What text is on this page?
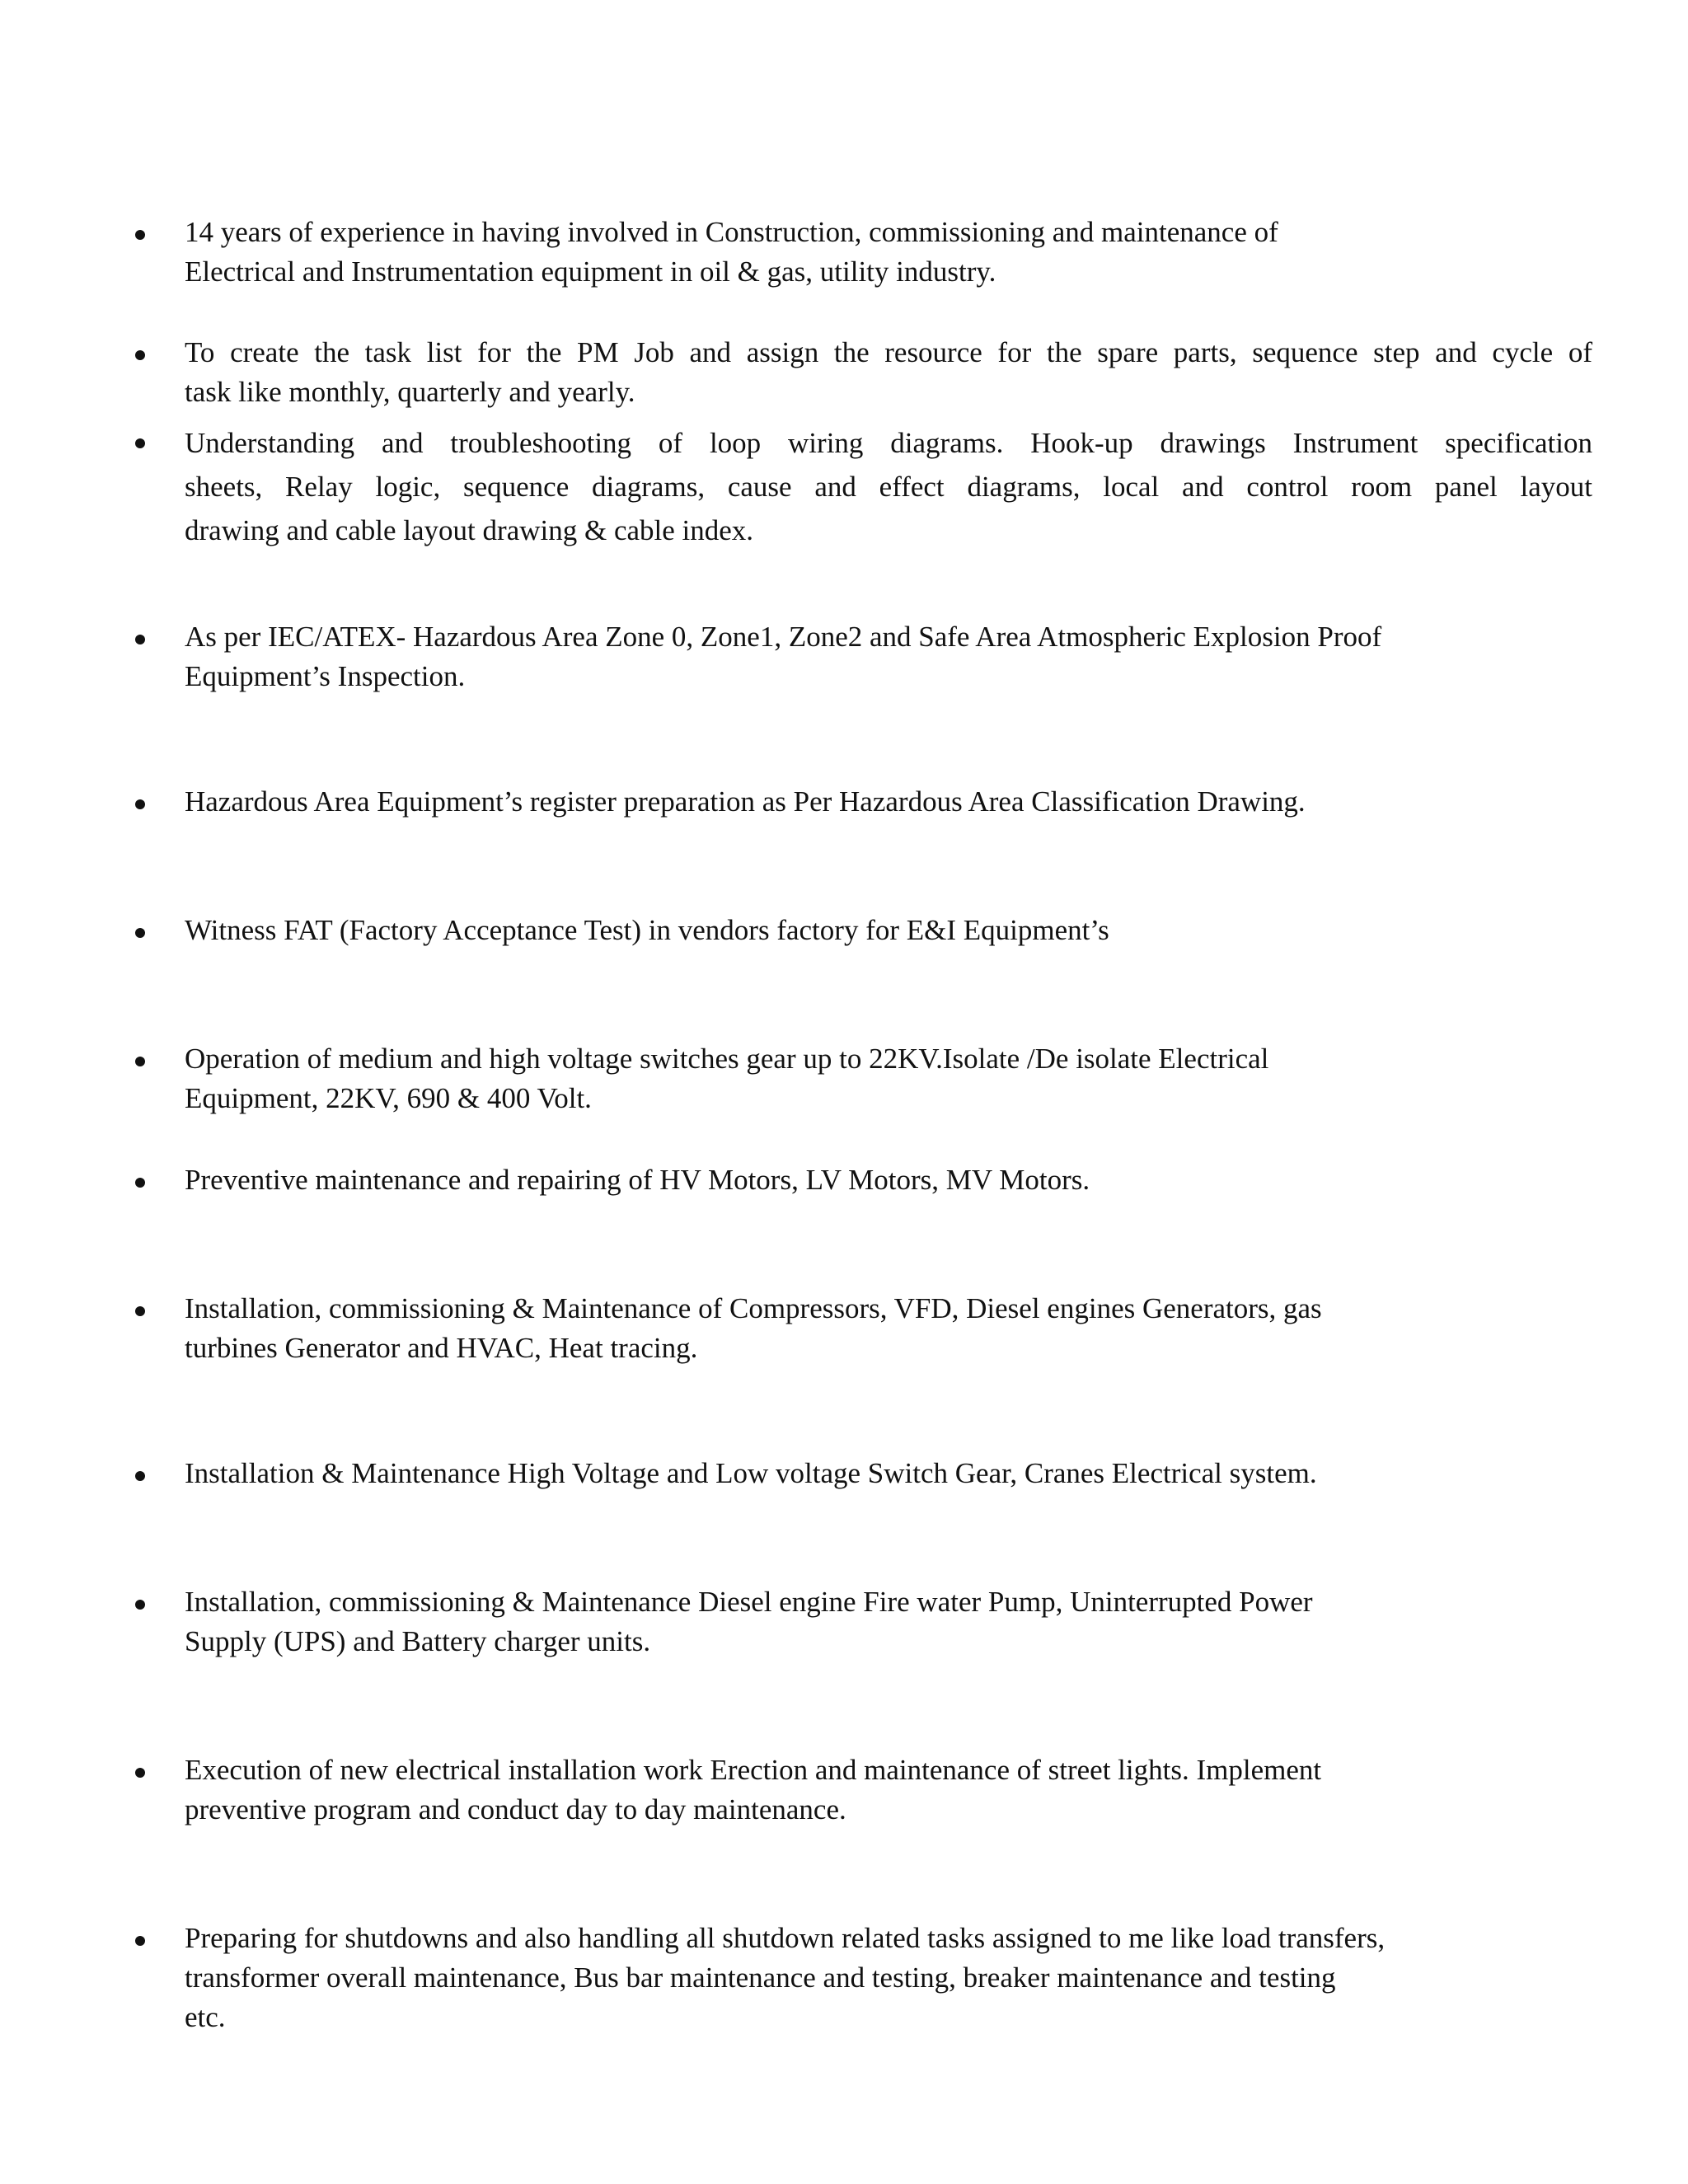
14 years of experience in having involved in Construction, commissioning and maintenance of
Electrical and Instrumentation equipment in oil & gas, utility industry.
To create the task list for the PM Job and assign the resource for the spare parts, sequence step and cycle of
task like monthly, quarterly and yearly.
Understanding and troubleshooting of loop wiring diagrams. Hook-up drawings Instrument specification
sheets, Relay logic, sequence diagrams, cause and effect diagrams, local and control room panel layout
drawing and cable layout drawing & cable index.
As per IEC/ATEX- Hazardous Area Zone 0, Zone1, Zone2 and Safe Area Atmospheric Explosion Proof
Equipment’s Inspection.
Hazardous Area Equipment’s register preparation as Per Hazardous Area Classification Drawing.
Witness FAT (Factory Acceptance Test) in vendors factory for E&I Equipment’s
Operation of medium and high voltage switches gear up to 22KV.Isolate /De isolate Electrical
Equipment, 22KV, 690 & 400 Volt.
Preventive maintenance and repairing of HV Motors, LV Motors, MV Motors.
Installation, commissioning & Maintenance of Compressors, VFD, Diesel engines Generators, gas
turbines Generator and HVAC, Heat tracing.
Installation & Maintenance High Voltage and Low voltage Switch Gear, Cranes Electrical system.
Installation, commissioning & Maintenance Diesel engine Fire water Pump, Uninterrupted Power
Supply (UPS) and Battery charger units.
Execution of new electrical installation work Erection and maintenance of street lights. Implement
preventive program and conduct day to day maintenance.
Preparing for shutdowns and also handling all shutdown related tasks assigned to me like load transfers,
transformer overall maintenance, Bus bar maintenance and testing, breaker maintenance and testing
etc.
